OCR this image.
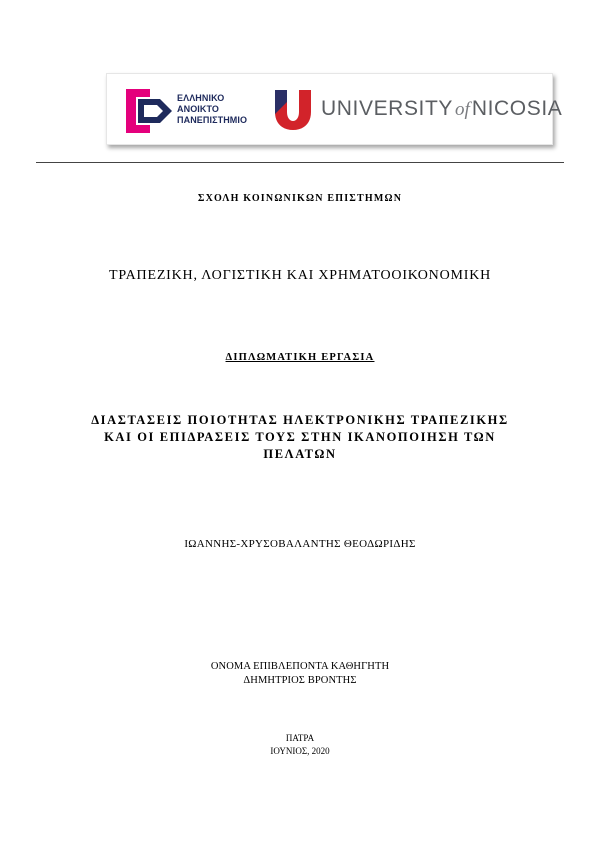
ΕΛΛΗΝΙΚΟ
ΑΝΟΙΚΤΟ
ΠΑΝΕΠΙΣΤΗΜΙΟ	UNIVERSITY ofNICOSIA
ΣΧΟΛΗ ΚΟΙΝΩΝΙΚΩΝ ΕΠΙΣΤΗΜΩΝ
ΤΡΑΠΕΖΙΚΗ, ΛΟΓΙΣΤΙΚΗ ΚΑΙ ΧΡΗΜΑΤΟΟΙΚΟΝΟΜΙΚΗ
ΔΙΠΛΩΜΑΤΙΚΗ ΕΡΓΑΣΙΑ
ΔΙΑΣΤΑΣΕΙΣ ΠΟΙΟΤΗΤΑΣ ΗΛΕΚΤΡΟΝΙΚΗΣ ΤΡΑΠΕΖΙΚΗΣ
ΚΑΙ ΟΙ ΕΠΙΔΡΑΣΕΙΣ ΤΟΥΣ ΣΤΗΝ ΙΚΑΝΟΠΟΙΗΣΗ ΤΩΝ
ΠΕΛΑΤΩΝ
ΙΩΑΝΝΗΣ-ΧΡΥΣΟΒΑΛΑΝΤΗΣ ΘΕΟΔΩΡΙΔΗΣ
ΟΝΟΜΑ ΕΠΙΒΛΕΠΟΝΤΑ ΚΑΘΗΓΗΤΗ
ΔΗΜΗΤΡΙΟΣ ΒΡΟΝΤΗΣ
ΠΑΤΡΑ
ΙΟΥΝΙΟΣ, 2020
